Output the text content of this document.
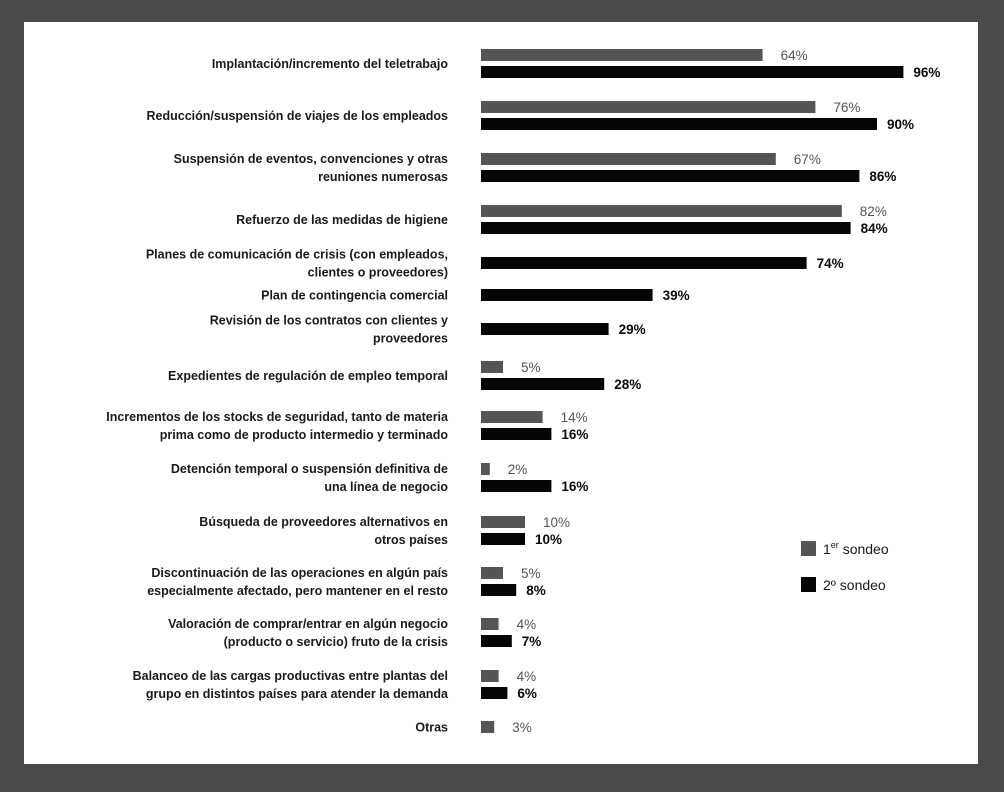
Implantación/incremento del teletrabajo
Reducción/suspensión de viajes de los empleados
Suspensión de eventos, convenciones y otras reuniones numerosas
Refuerzo de las medidas de higiene
Planes de comunicación de crisis (con empleados, clientes o proveedores)
Plan de contingencia comercial
Revisión de los contratos con clientes y proveedores
Expedientes de regulación de empleo temporal
Incrementos de los stocks de seguridad, tanto de materia prima como de producto intermedio y terminado
Detención temporal o suspensión definitiva de una línea de negocio
Búsqueda de proveedores alternativos en otros países
Discontinuación de las operaciones en algún país especialmente afectado, pero mantener en el resto
Valoración de comprar/entrar en algún negocio (producto o servicio) fruto de la crisis
Balanceo de las cargas productivas entre plantas del grupo en distintos países para atender la demanda
Otras
64%
96%
76%
90%
67%
86%
82%
84%
74%
39%
29%
5%
28%
14%
16%
2%
16%
10%
10%
5%
8%
4%
7%
4%
6%
3%
1er sondeo
2º sondeo
